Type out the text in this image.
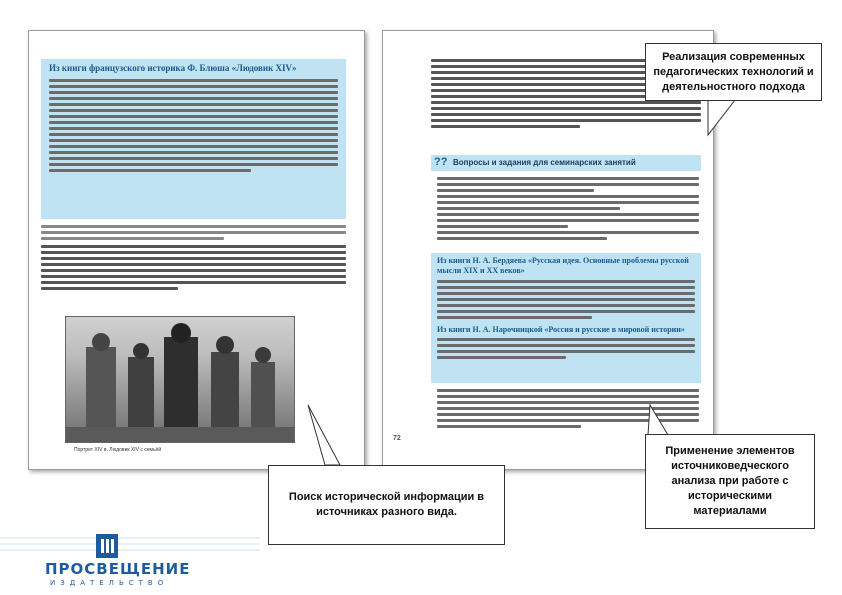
Из книги французского историка Ф. Блюша «Людовик XIV»
Портрет XIV в. Людовик XIV с семьёй
?? Вопросы и задания для семинарских занятий
Из книги Н. А. Бердяева «Русская идея. Основные проблемы русской мысли XIX и XX веков»
Из книги Н. А. Нарочницкой «Россия и русские в мировой истории»
72
Реализация современных педагогических технологий и деятельностного подхода
Поиск исторической информации в источниках разного вида.
Применение элементов источниковедческого анализа при работе с историческими материалами
ПРОСВЕЩЕНИЕ
ИЗДАТЕЛЬСТВО
